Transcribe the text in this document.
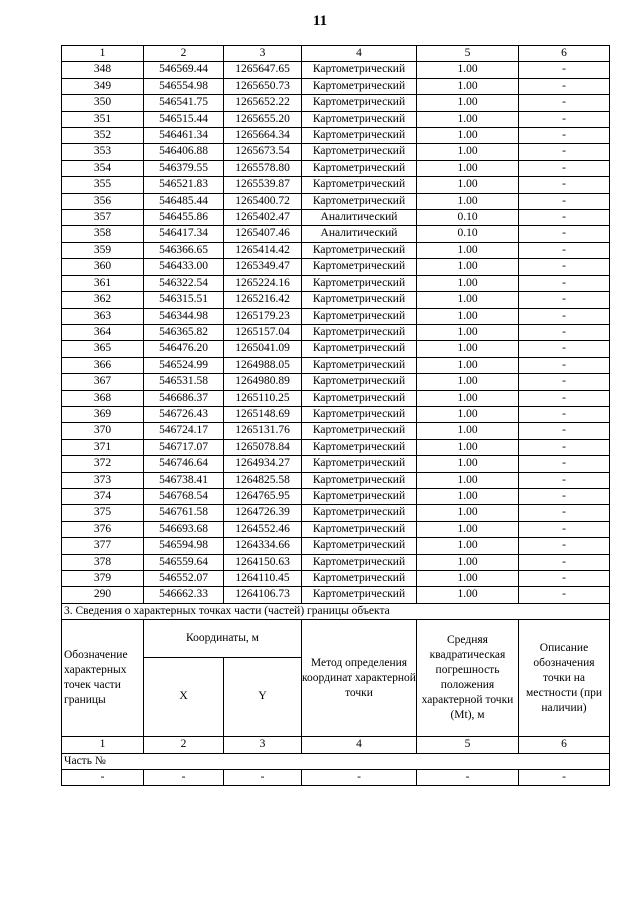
11
1	2	3	4	5	6
348	546569.44	1265647.65	Картометрический	1.00	-
349	546554.98	1265650.73	Картометрический	1.00	-
350	546541.75	1265652.22	Картометрический	1.00	-
351	546515.44	1265655.20	Картометрический	1.00	-
352	546461.34	1265664.34	Картометрический	1.00	-
353	546406.88	1265673.54	Картометрический	1.00	-
354	546379.55	1265578.80	Картометрический	1.00	-
355	546521.83	1265539.87	Картометрический	1.00	-
356	546485.44	1265400.72	Картометрический	1.00	-
357	546455.86	1265402.47	Аналитический	0.10	-
358	546417.34	1265407.46	Аналитический	0.10	-
359	546366.65	1265414.42	Картометрический	1.00	-
360	546433.00	1265349.47	Картометрический	1.00	-
361	546322.54	1265224.16	Картометрический	1.00	-
362	546315.51	1265216.42	Картометрический	1.00	-
363	546344.98	1265179.23	Картометрический	1.00	-
364	546365.82	1265157.04	Картометрический	1.00	-
365	546476.20	1265041.09	Картометрический	1.00	-
366	546524.99	1264988.05	Картометрический	1.00	-
367	546531.58	1264980.89	Картометрический	1.00	-
368	546686.37	1265110.25	Картометрический	1.00	-
369	546726.43	1265148.69	Картометрический	1.00	-
370	546724.17	1265131.76	Картометрический	1.00	-
371	546717.07	1265078.84	Картометрический	1.00	-
372	546746.64	1264934.27	Картометрический	1.00	-
373	546738.41	1264825.58	Картометрический	1.00	-
374	546768.54	1264765.95	Картометрический	1.00	-
375	546761.58	1264726.39	Картометрический	1.00	-
376	546693.68	1264552.46	Картометрический	1.00	-
377	546594.98	1264334.66	Картометрический	1.00	-
378	546559.64	1264150.63	Картометрический	1.00	-
379	546552.07	1264110.45	Картометрический	1.00	-
290	546662.33	1264106.73	Картометрический	1.00	-
3. Сведения о характерных точках части (частей) границы объекта					
Обозначение характерных точек части границы	Координаты, м		Метод определения координат характерной точки	Средняя квадратическая погрешность положения характерной точки (Mt), м	Описание обозначения точки на местности (при наличии)
	X	Y			
1	2	3	4	5	6
Часть №					
-	-	-	-	-	-
